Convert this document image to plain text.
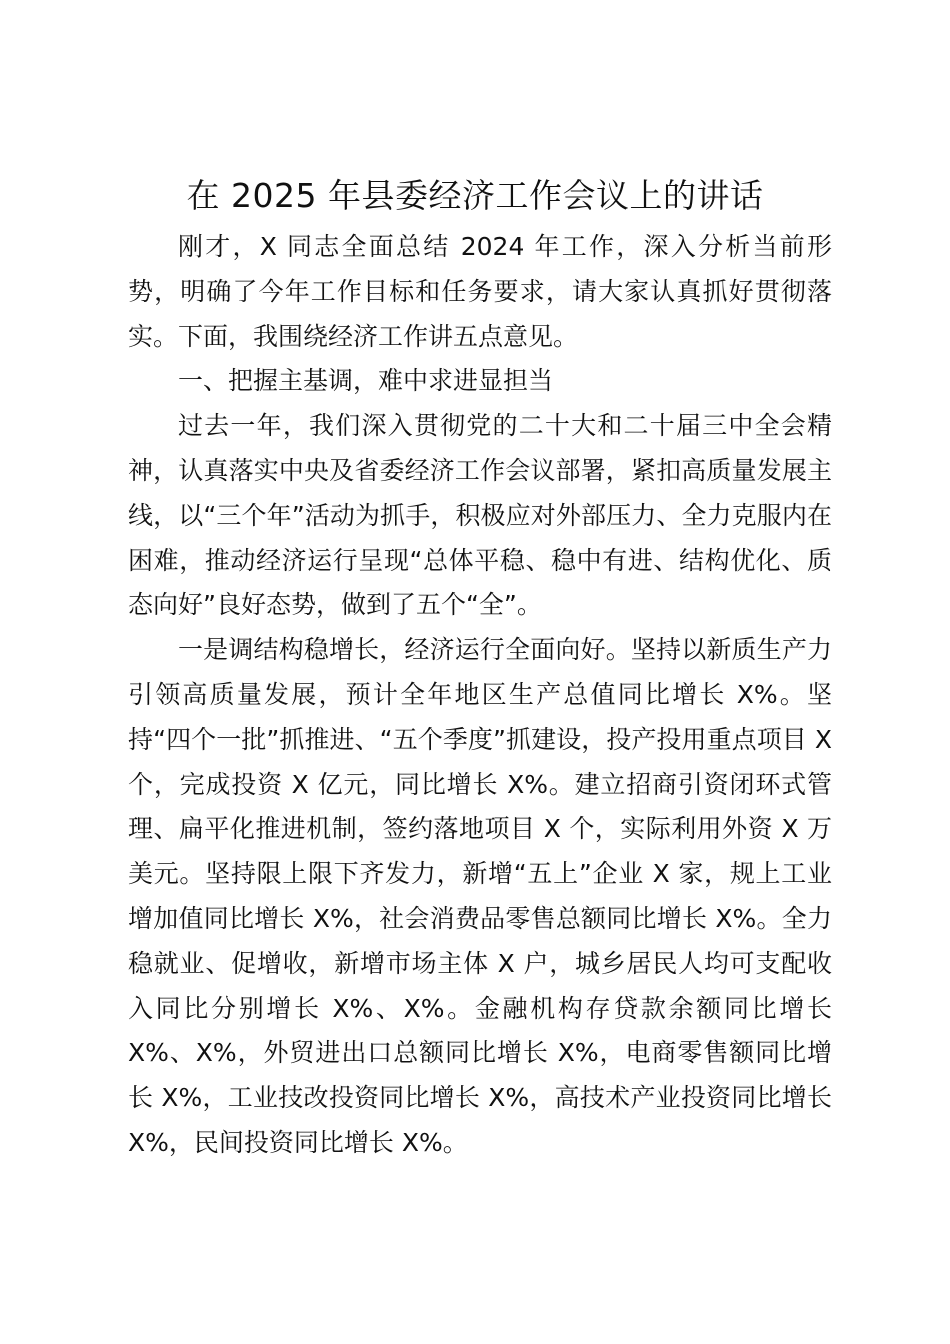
在 2025 年县委经济工作会议上的讲话

刚才，X 同志全面总结 2024 年工作，深入分析当前形势，明确了今年工作目标和任务要求，请大家认真抓好贯彻落实。下面，我围绕经济工作讲五点意见。

一、把握主基调，难中求进显担当

过去一年，我们深入贯彻党的二十大和二十届三中全会精神，认真落实中央及省委经济工作会议部署，紧扣高质量发展主线，以“三个年”活动为抓手，积极应对外部压力、全力克服内在困难，推动经济运行呈现“总体平稳、稳中有进、结构优化、质态向好”良好态势，做到了五个“全”。

一是调结构稳增长，经济运行全面向好。坚持以新质生产力引领高质量发展，预计全年地区生产总值同比增长 X%。坚持“四个一批”抓推进、“五个季度”抓建设，投产投用重点项目 X 个，完成投资 X 亿元，同比增长 X%。建立招商引资闭环式管理、扁平化推进机制，签约落地项目 X 个，实际利用外资 X 万美元。坚持限上限下齐发力，新增“五上”企业 X 家，规上工业增加值同比增长 X%，社会消费品零售总额同比增长 X%。全力稳就业、促增收，新增市场主体 X 户，城乡居民人均可支配收入同比分别增长 X%、X%。金融机构存贷款余额同比增长 X%、X%，外贸进出口总额同比增长 X%，电商零售额同比增长 X%，工业技改投资同比增长 X%，高技术产业投资同比增长 X%，民间投资同比增长 X%。
